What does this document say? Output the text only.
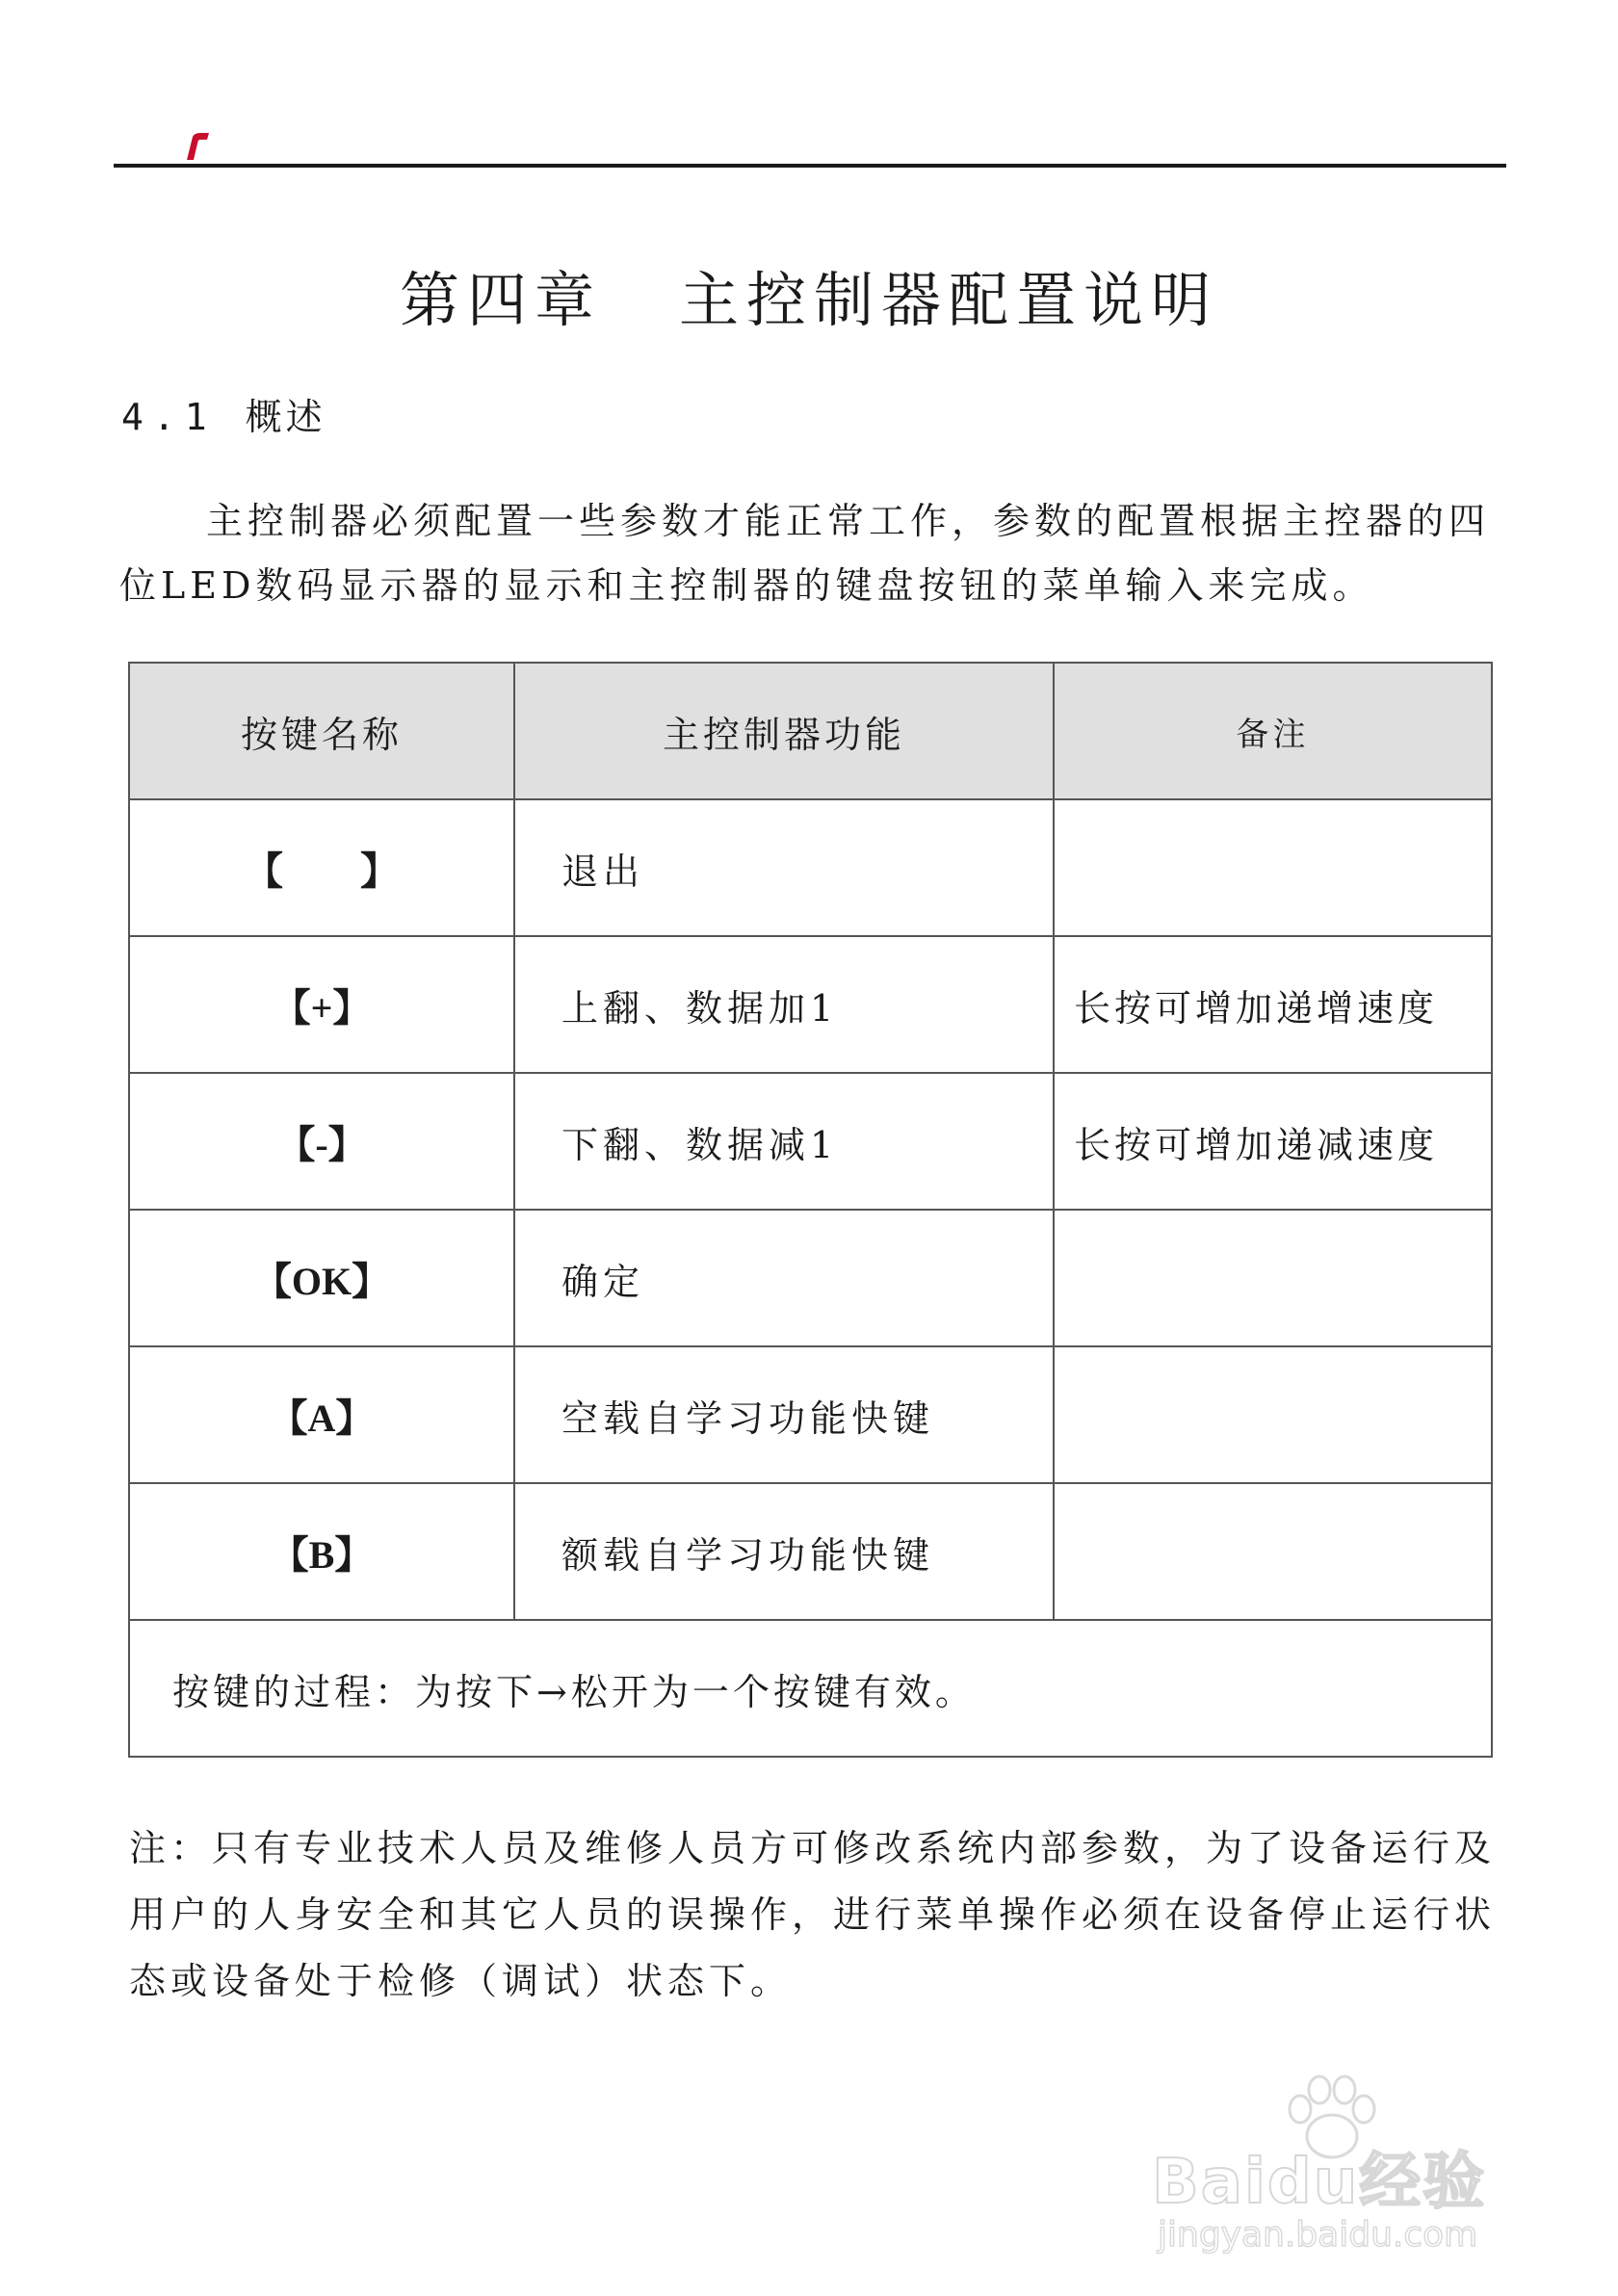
第四章 主控制器配置说明
4.1 概述
主控制器必须配置一些参数才能正常工作，参数的配置根据主控器的四位LED数码显示器的显示和主控制器的键盘按钮的菜单输入来完成。
按键名称	主控制器功能	备注
【　　】	退出	
【+】	上翻、数据加1	长按可增加递增速度
【-】	下翻、数据减1	长按可增加递减速度
【OK】	确定	
【A】	空载自学习功能快键	
【B】	额载自学习功能快键	
按键的过程：为按下→松开为一个按键有效。		
注：只有专业技术人员及维修人员方可修改系统内部参数，为了设备运行及用户的人身安全和其它人员的误操作，进行菜单操作必须在设备停止运行状态或设备处于检修（调试）状态下。
Baidu经验
jingyan.baidu.com
